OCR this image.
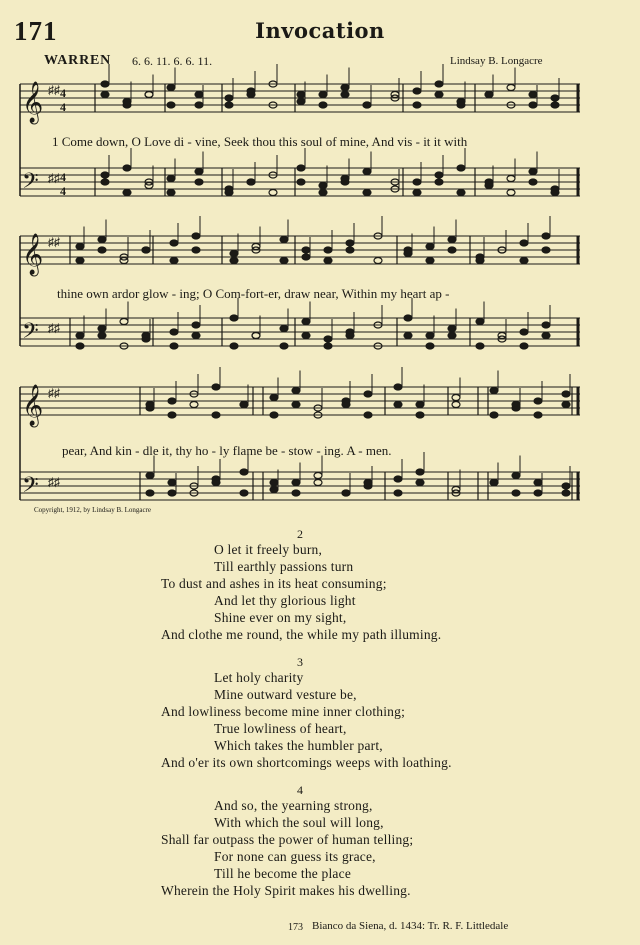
171	Invocation
WARREN 6. 6. 11. 6. 6. 11.	Lindsay B. Longacre
𝄞 ♯♯ 4
4
𝄢 ♯♯ 4
4
𝄞 ♯♯
𝄢 ♯♯
𝄞 ♯♯
𝄢 ♯♯
1 Come down, O Love di - vine, Seek thou this soul of mine, And vis - it it with
thine own ardor glow - ing; O Com-fort-er, draw near, Within my heart ap -
pear, And kin - dle it, thy ho - ly flame be - stow - ing. A - men.
Copyright, 1912, by Lindsay B. Longacre
2
O let it freely burn,
Till earthly passions turn
To dust and ashes in its heat consuming;
And let thy glorious light
Shine ever on my sight,
And clothe me round, the while my path illuming.
3
Let holy charity
Mine outward vesture be,
And lowliness become mine inner clothing;
True lowliness of heart,
Which takes the humbler part,
And o'er its own shortcomings weeps with loathing.
4
And so, the yearning strong,
With which the soul will long,
Shall far outpass the power of human telling;
For none can guess its grace,
Till he become the place
Wherein the Holy Spirit makes his dwelling.
173 Bianco da Siena, d. 1434: Tr. R. F. Littledale
